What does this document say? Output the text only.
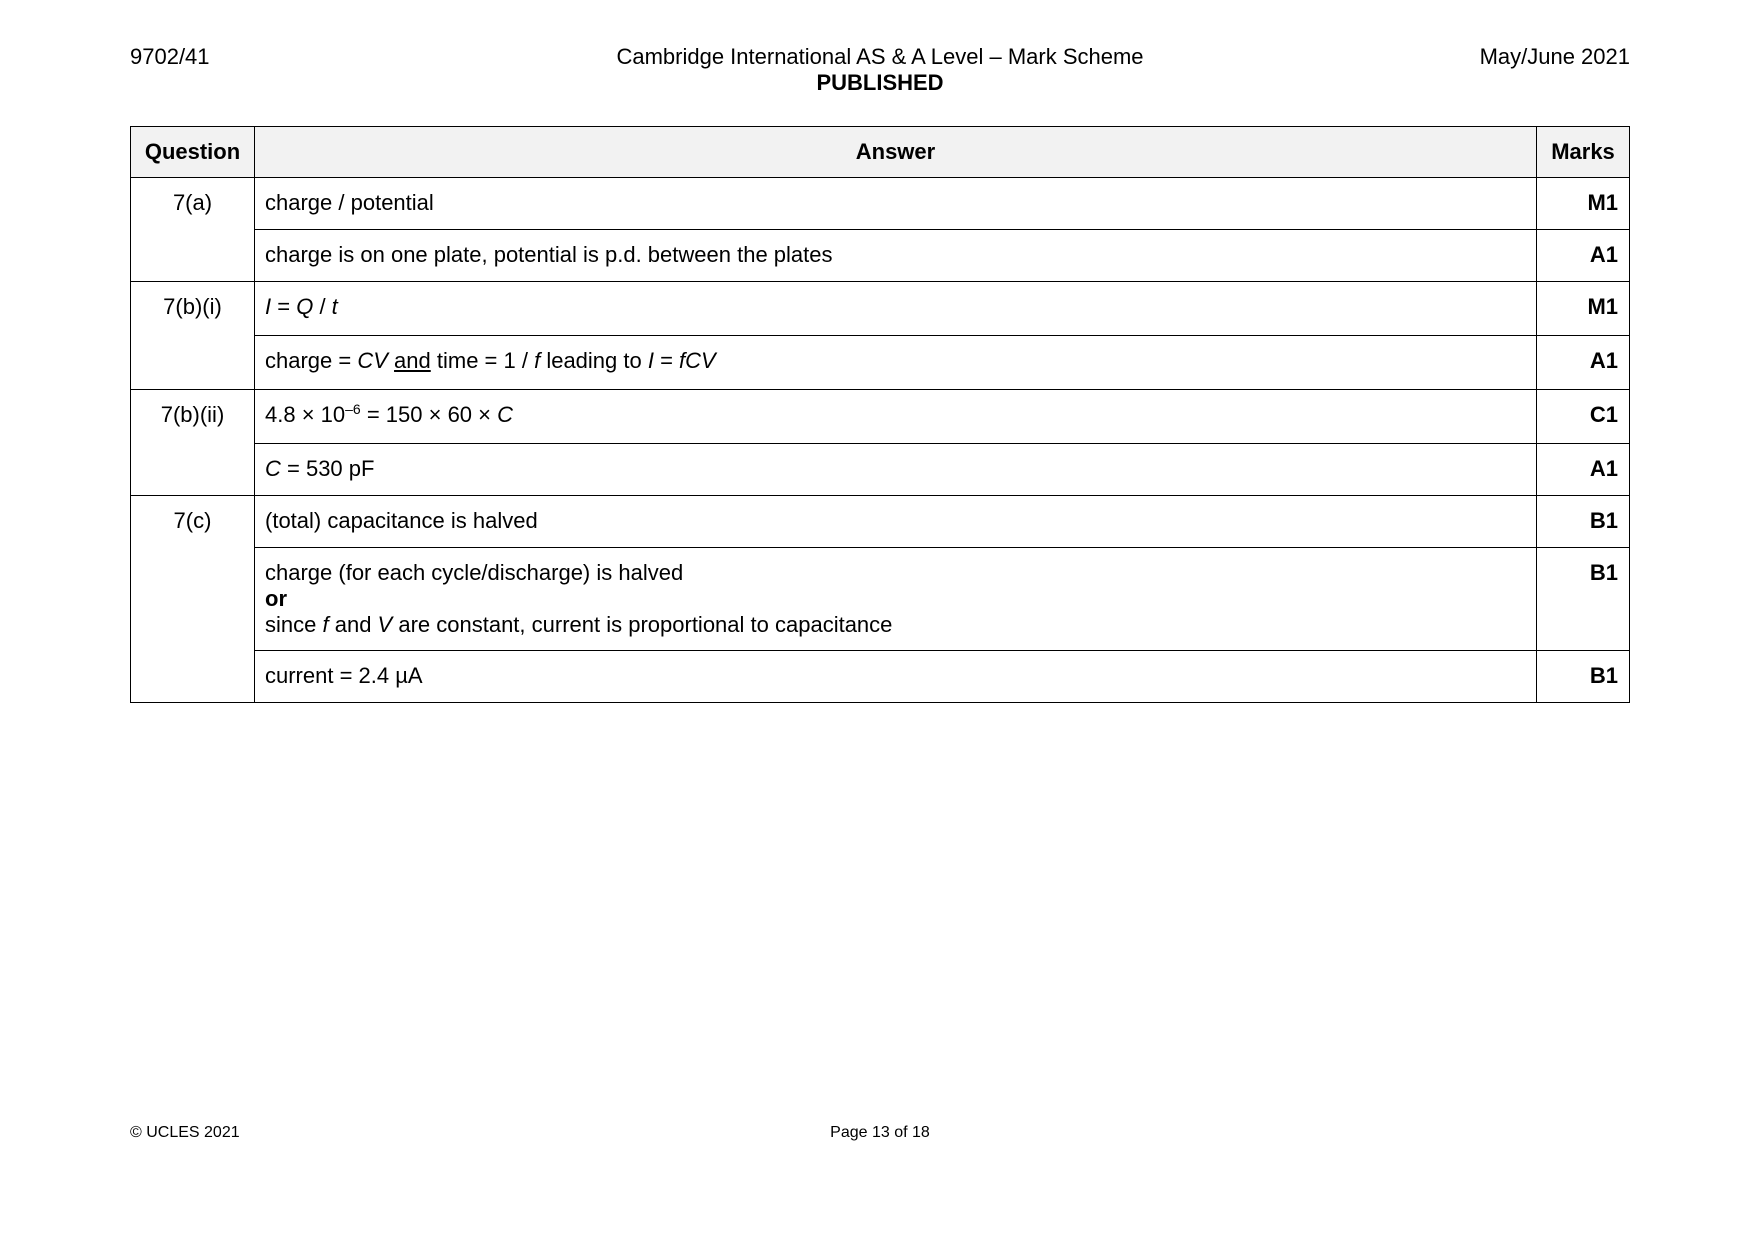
9702/41	Cambridge International AS & A Level – Mark Scheme
PUBLISHED
May/June 2021
Question	Answer	Marks
7(a)	charge / potential	M1
	charge is on one plate, potential is p.d. between the plates	A1
7(b)(i)	I = Q / t	M1
	charge = CV and time = 1 / f leading to I = fCV	A1
7(b)(ii)	$4.8 \times 10^{-6} = 150 \times 60 \times C$	C1
	C = 530 pF	A1
7(c)	(total) capacitance is halved	B1

	charge (for each cycle/discharge) is halved
or
since f and V are constant, current is proportional to capacitance	B1
	current = 2.4 µA	B1
© UCLES 2021	Page 13 of 18
